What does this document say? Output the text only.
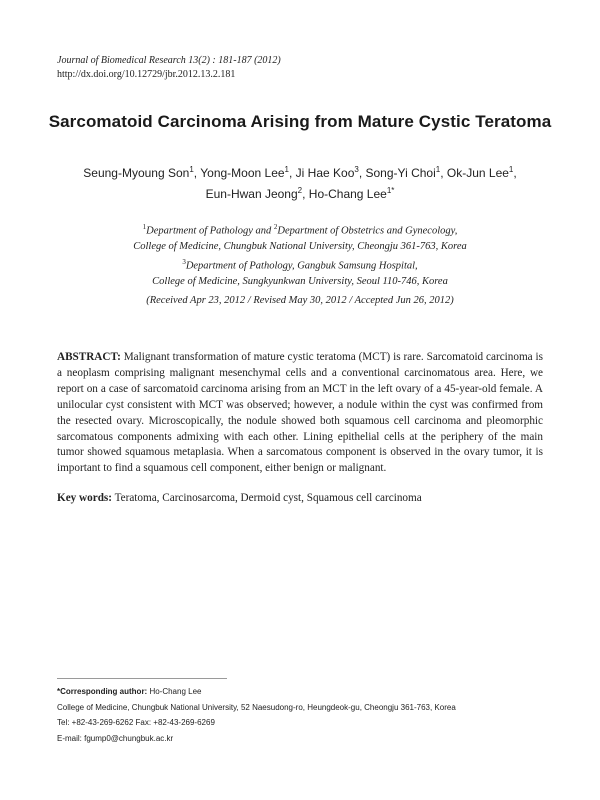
Journal of Biomedical Research 13(2) : 181-187 (2012)
http://dx.doi.org/10.12729/jbr.2012.13.2.181
Sarcomatoid Carcinoma Arising from Mature Cystic Teratoma
Seung-Myoung Son$^1$, Yong-Moon Lee$^1$, Ji Hae Koo$^3$, Song-Yi Choi$^1$, Ok-Jun Lee$^1$,
Eun-Hwan Jeong$^2$, Ho-Chang Lee$^{1*}$
$^1$Department of Pathology and $^2$Department of Obstetrics and Gynecology,
College of Medicine, Chungbuk National University, Cheongju 361-763, Korea
$^3$Department of Pathology, Gangbuk Samsung Hospital,
College of Medicine, Sungkyunkwan University, Seoul 110-746, Korea
(Received Apr 23, 2012 / Revised May 30, 2012 / Accepted Jun 26, 2012)
ABSTRACT: Malignant transformation of mature cystic teratoma (MCT) is rare. Sarcomatoid carcinoma is a neoplasm comprising malignant mesenchymal cells and a conventional carcinomatous area. Here, we report on a case of sarcomatoid carcinoma arising from an MCT in the left ovary of a 45-year-old female. A unilocular cyst consistent with MCT was observed; however, a nodule within the cyst was confirmed from the resected ovary. Microscopically, the nodule showed both squamous cell carcinoma and pleomorphic sarcomatous components admixing with each other. Lining epithelial cells at the periphery of the main tumor showed squamous metaplasia. When a sarcomatous component is observed in the ovary tumor, it is important to find a squamous cell component, either benign or malignant.
Key words: Teratoma, Carcinosarcoma, Dermoid cyst, Squamous cell carcinoma
*Corresponding author: Ho-Chang Lee
College of Medicine, Chungbuk National University, 52 Naesudong-ro, Heungdeok-gu, Cheongju 361-763, Korea
Tel: +82-43-269-6262 Fax: +82-43-269-6269
E-mail: fgump0@chungbuk.ac.kr
